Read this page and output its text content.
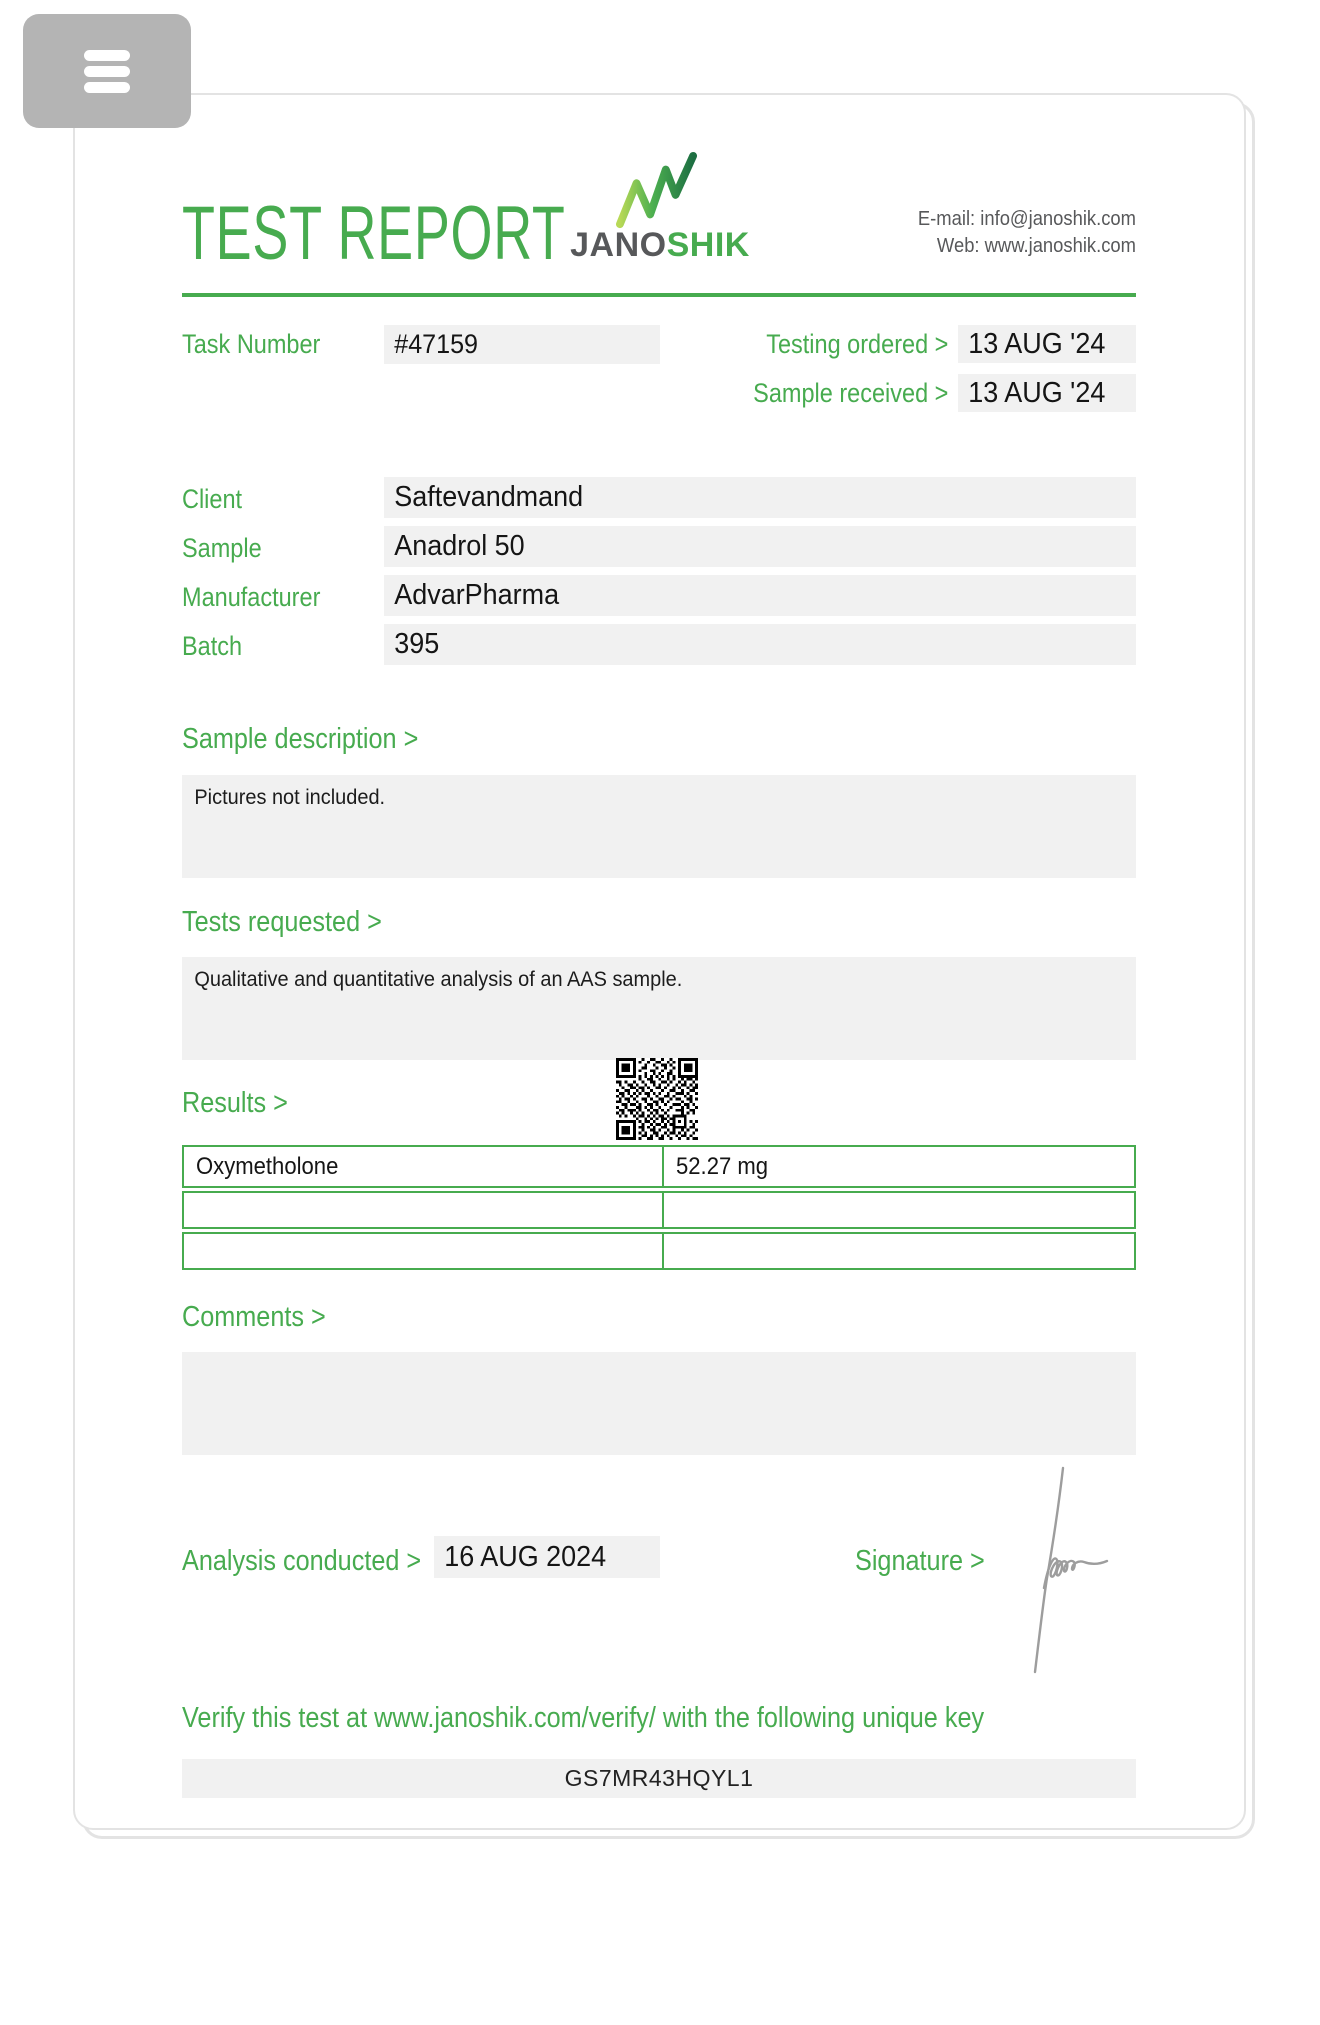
TEST REPORT JANOSHIK
E-mail: info@janoshik.com
Web: www.janoshik.com
Task Number	#47159	Testing ordered > 13 AUG '24
Sample received > 13 AUG '24
Client	Saftevandmand
Sample	Anadrol 50
Manufacturer	AdvarPharma
Batch	395
Sample description >
Pictures not included.
Tests requested >
Qualitative and quantitative analysis of an AAS sample.
Results >
Oxymetholone	52.27 mg
Comments >
Analysis conducted > 16 AUG 2024	Signature >
Verify this test at www.janoshik.com/verify/ with the following unique key
GS7MR43HQYL1
